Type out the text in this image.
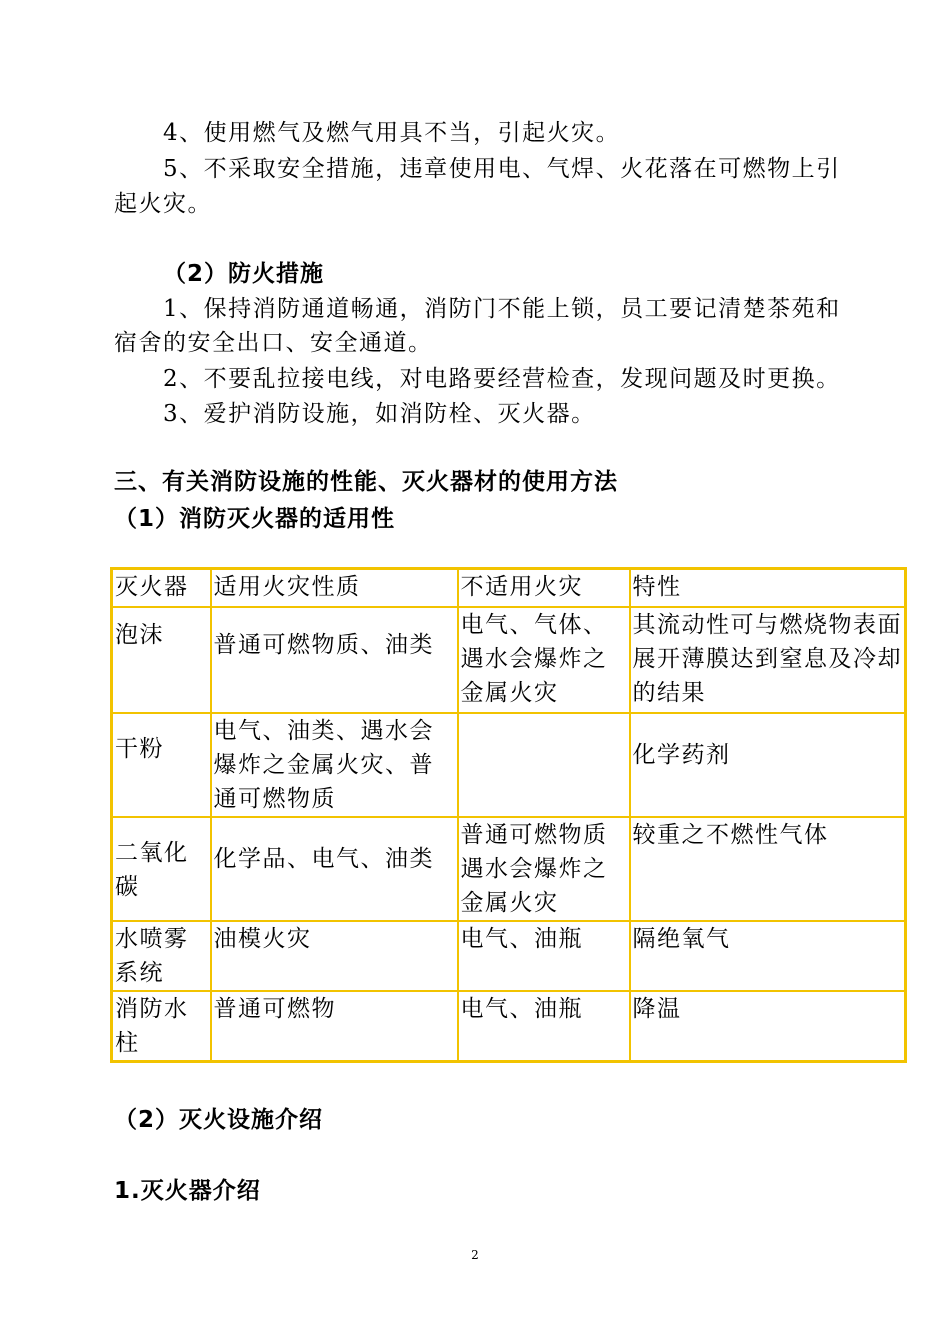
4、使用燃气及燃气用具不当，引起火灾。
5、不采取安全措施，违章使用电、气焊、火花落在可燃物上引
起火灾。
（2）防火措施
1、保持消防通道畅通，消防门不能上锁，员工要记清楚茶苑和
宿舍的安全出口、安全通道。
2、不要乱拉接电线，对电路要经营检查，发现问题及时更换。
3、爱护消防设施，如消防栓、灭火器。
三、有关消防设施的性能、灭火器材的使用方法
（1）消防灭火器的适用性
灭火器	适用火灾性质	不适用火灾	特性
泡沫	普通可燃物质、油类	电气、气体、遇水会爆炸之金属火灾	其流动性可与燃烧物表面展开薄膜达到窒息及冷却的结果
干粉	电气、油类、遇水会爆炸之金属火灾、普通可燃物质		化学药剂
二氧化碳	化学品、电气、油类	普通可燃物质遇水会爆炸之金属火灾	较重之不燃性气体
水喷雾系统	油模火灾	电气、油瓶	隔绝氧气
消防水柱	普通可燃物	电气、油瓶	降温
（2）灭火设施介绍
1.灭火器介绍
2
